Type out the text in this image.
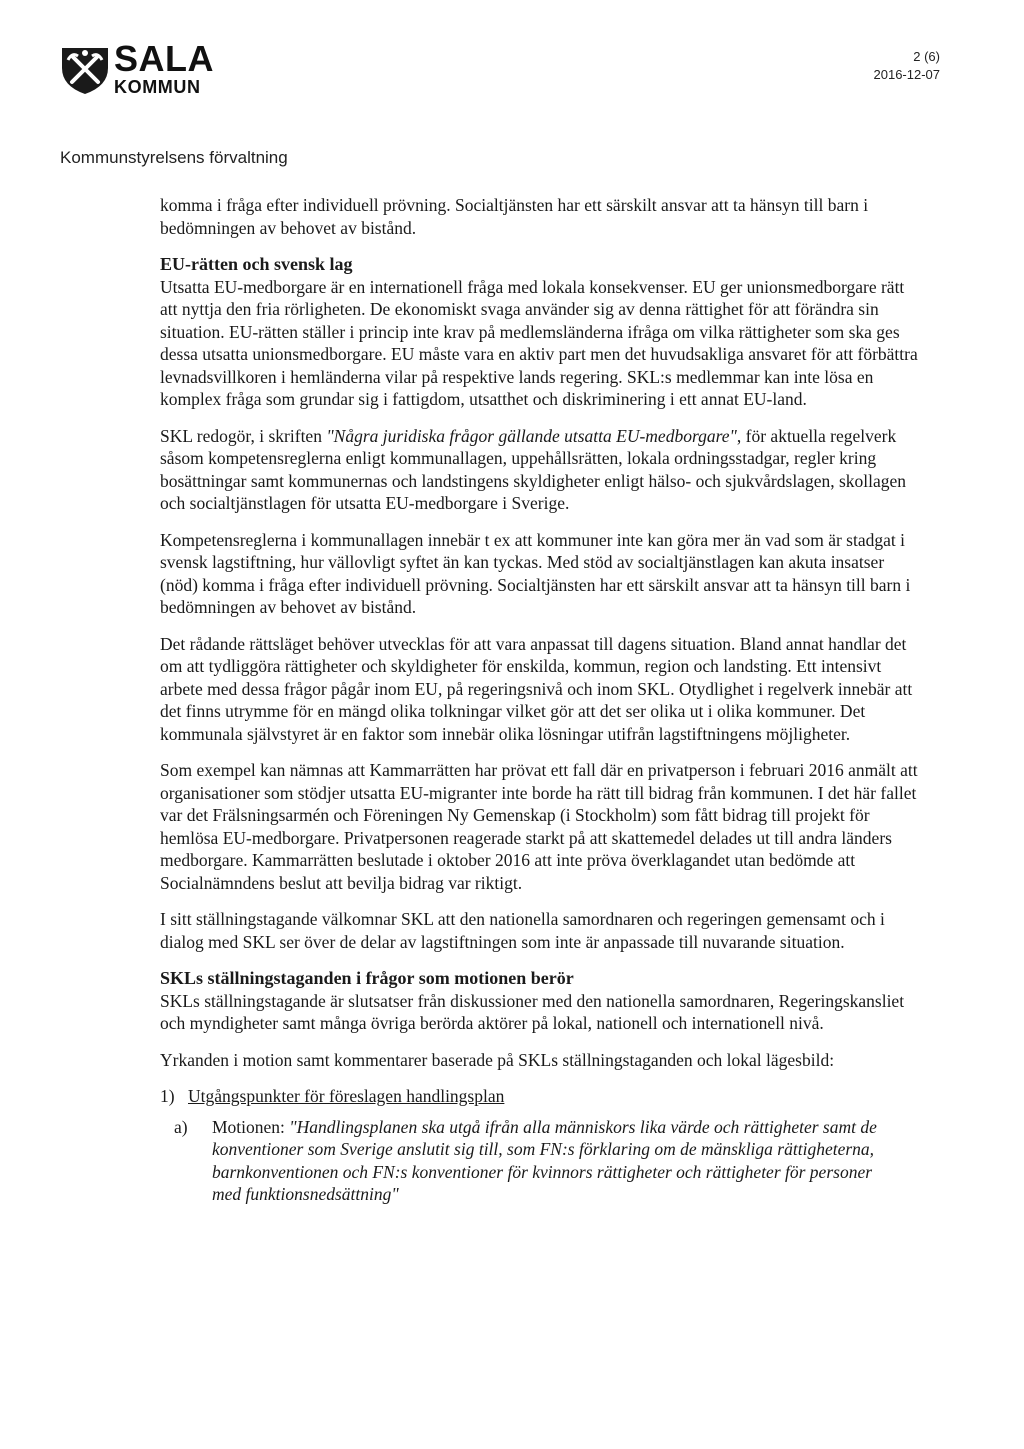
SALA
KOMMUN
2 (6)
2016-12-07
Kommunstyrelsens förvaltning

komma i fråga efter individuell prövning. Socialtjänsten har ett särskilt ansvar att ta hänsyn till barn i bedömningen av behovet av bistånd.

EU-rätten och svensk lag

Utsatta EU-medborgare är en internationell fråga med lokala konsekvenser. EU ger unionsmedborgare rätt att nyttja den fria rörligheten. De ekonomiskt svaga använder sig av denna rättighet för att förändra sin situation. EU-rätten ställer i princip inte krav på medlemsländerna ifråga om vilka rättigheter som ska ges dessa utsatta unionsmedborgare. EU måste vara en aktiv part men det huvudsakliga ansvaret för att förbättra levnadsvillkoren i hemländerna vilar på respektive lands regering. SKL:s medlemmar kan inte lösa en komplex fråga som grundar sig i fattigdom, utsatthet och diskriminering i ett annat EU-land.

SKL redogör, i skriften "Några juridiska frågor gällande utsatta EU-medborgare", för aktuella regelverk såsom kompetensreglerna enligt kommunallagen, uppehållsrätten, lokala ordningsstadgar, regler kring bosättningar samt kommunernas och landstingens skyldigheter enligt hälso- och sjukvårdslagen, skollagen och socialtjänstlagen för utsatta EU-medborgare i Sverige.

Kompetensreglerna i kommunallagen innebär t ex att kommuner inte kan göra mer än vad som är stadgat i svensk lagstiftning, hur vällovligt syftet än kan tyckas. Med stöd av socialtjänstlagen kan akuta insatser (nöd) komma i fråga efter individuell prövning. Socialtjänsten har ett särskilt ansvar att ta hänsyn till barn i bedömningen av behovet av bistånd.

Det rådande rättsläget behöver utvecklas för att vara anpassat till dagens situation. Bland annat handlar det om att tydliggöra rättigheter och skyldigheter för enskilda, kommun, region och landsting. Ett intensivt arbete med dessa frågor pågår inom EU, på regeringsnivå och inom SKL. Otydlighet i regelverk innebär att det finns utrymme för en mängd olika tolkningar vilket gör att det ser olika ut i olika kommuner. Det kommunala självstyret är en faktor som innebär olika lösningar utifrån lagstiftningens möjligheter.

Som exempel kan nämnas att Kammarrätten har prövat ett fall där en privatperson i februari 2016 anmält att organisationer som stödjer utsatta EU-migranter inte borde ha rätt till bidrag från kommunen. I det här fallet var det Frälsningsarmén och Föreningen Ny Gemenskap (i Stockholm) som fått bidrag till projekt för hemlösa EU-medborgare. Privatpersonen reagerade starkt på att skattemedel delades ut till andra länders medborgare. Kammarrätten beslutade i oktober 2016 att inte pröva överklagandet utan bedömde att Socialnämndens beslut att bevilja bidrag var riktigt.

I sitt ställningstagande välkomnar SKL att den nationella samordnaren och regeringen gemensamt och i dialog med SKL ser över de delar av lagstiftningen som inte är anpassade till nuvarande situation.

SKLs ställningstaganden i frågor som motionen berör

SKLs ställningstagande är slutsatser från diskussioner med den nationella samordnaren, Regeringskansliet och myndigheter samt många övriga berörda aktörer på lokal, nationell och internationell nivå.

Yrkanden i motion samt kommentarer baserade på SKLs ställningstaganden och lokal lägesbild:

1) Utgångspunkter för föreslagen handlingsplan
a)	Motionen: "Handlingsplanen ska utgå ifrån alla människors lika värde och rättigheter samt de konventioner som Sverige anslutit sig till, som FN:s förklaring om de mänskliga rättigheterna, barnkonventionen och FN:s konventioner för kvinnors rättigheter och rättigheter för personer med funktionsnedsättning"
